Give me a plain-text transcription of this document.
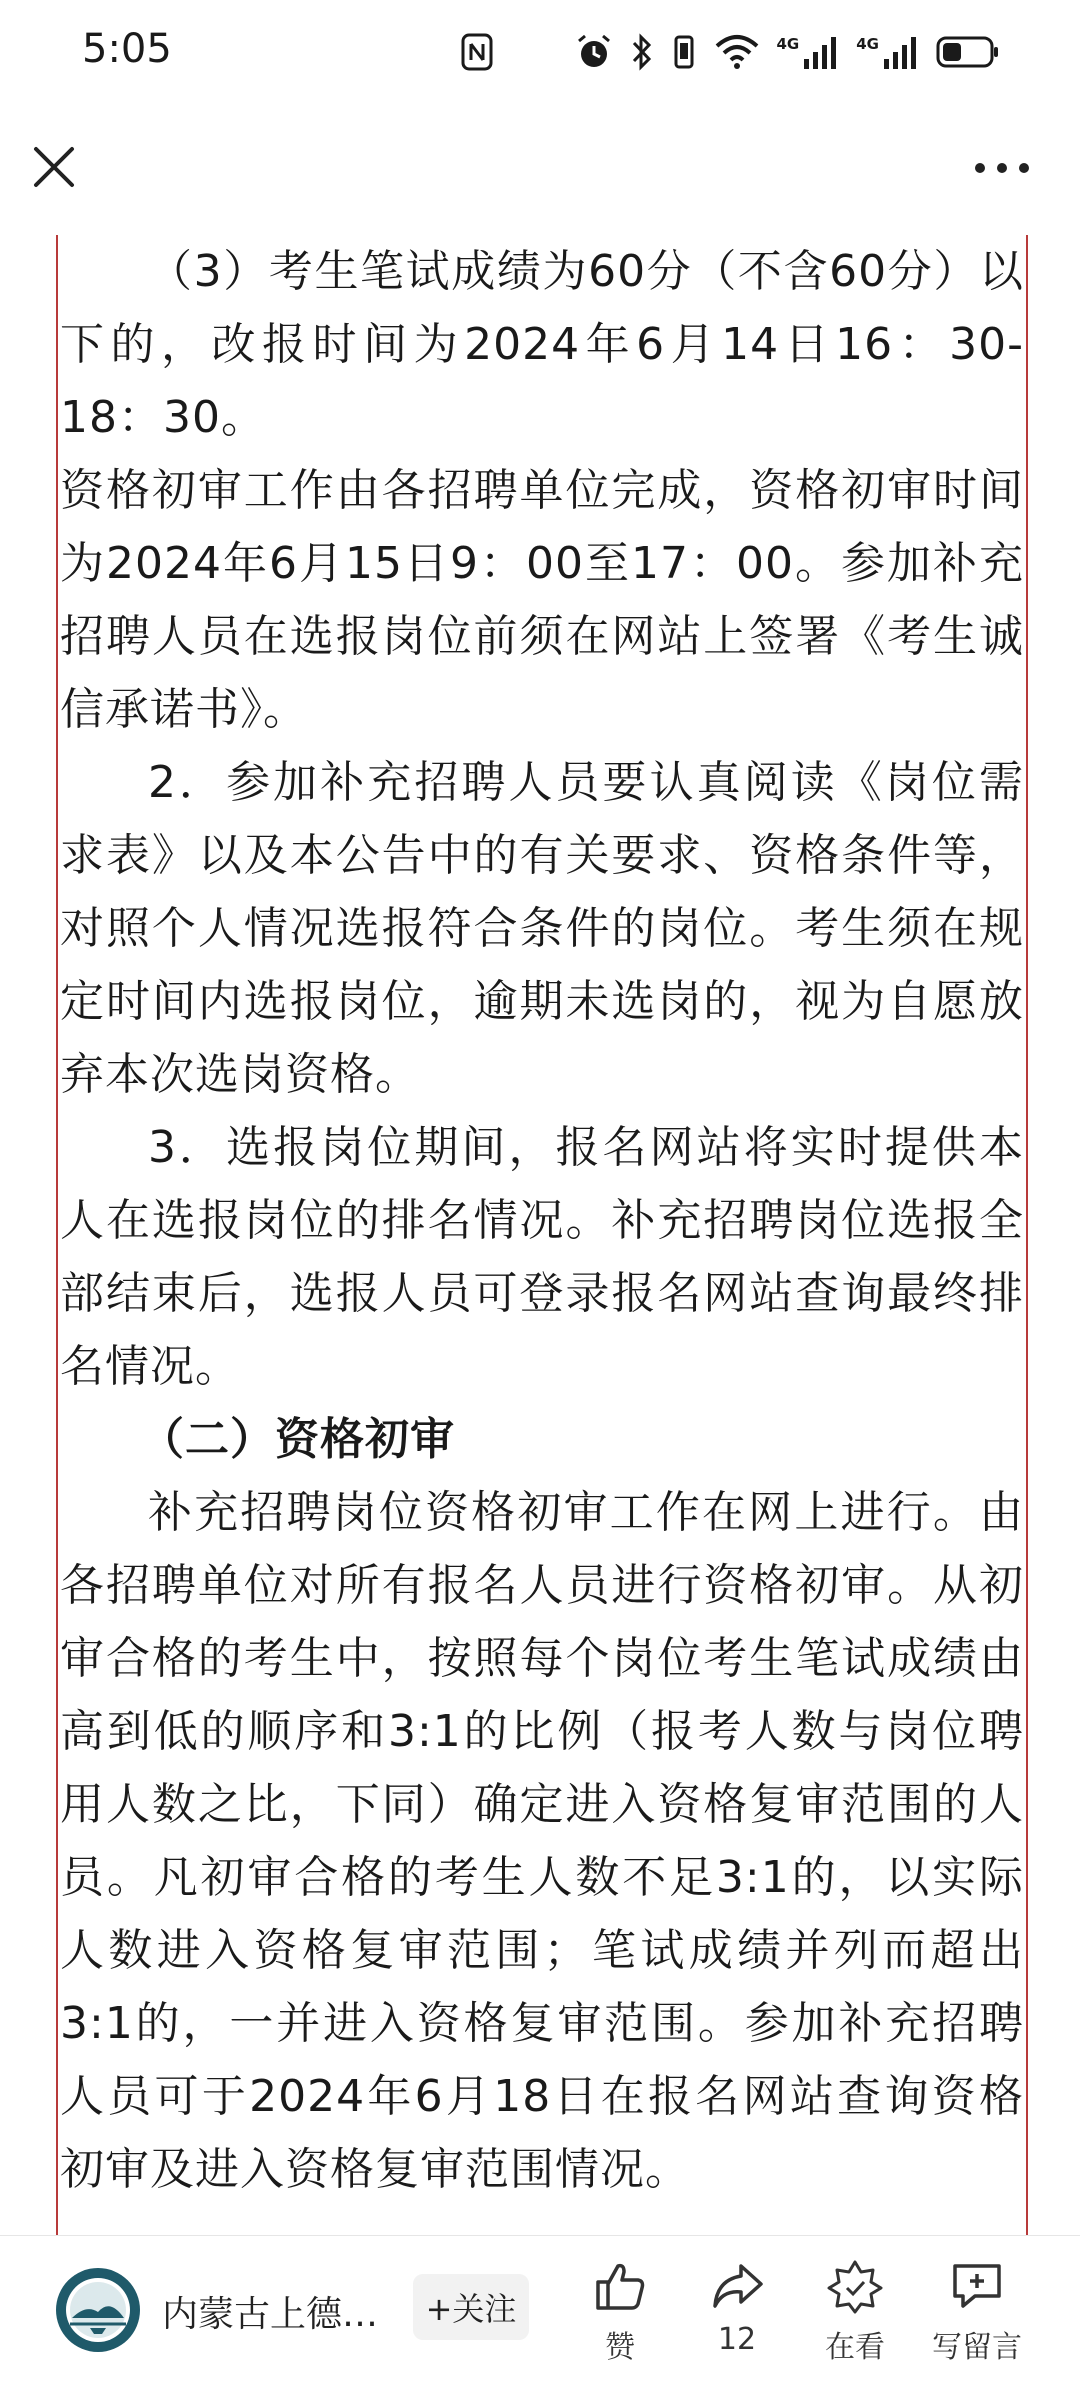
5:05	4G	4G

（3）考生笔试成绩为60分（不含60分）以下的，改报时间为2024年6月14日16：30-18：30。

资格初审工作由各招聘单位完成，资格初审时间为2024年6月15日9：00至17：00。参加补充招聘人员在选报岗位前须在网站上签署《考生诚信承诺书》。

2．参加补充招聘人员要认真阅读《岗位需求表》以及本公告中的有关要求、资格条件等，对照个人情况选报符合条件的岗位。考生须在规定时间内选报岗位，逾期未选岗的，视为自愿放弃本次选岗资格。

3．选报岗位期间，报名网站将实时提供本人在选报岗位的排名情况。补充招聘岗位选报全部结束后，选报人员可登录报名网站查询最终排名情况。

（二）资格初审

补充招聘岗位资格初审工作在网上进行。由各招聘单位对所有报名人员进行资格初审。从初审合格的考生中，按照每个岗位考生笔试成绩由高到低的顺序和3:1的比例（报考人数与岗位聘用人数之比，下同）确定进入资格复审范围的人员。凡初审合格的考生人数不足3:1的，以实际人数进入资格复审范围；笔试成绩并列而超出3:1的，一并进入资格复审范围。参加补充招聘人员可于2024年6月18日在报名网站查询资格初审及进入资格复审范围情况。

内蒙古上德…	+关注
赞	12	在看	写留言
